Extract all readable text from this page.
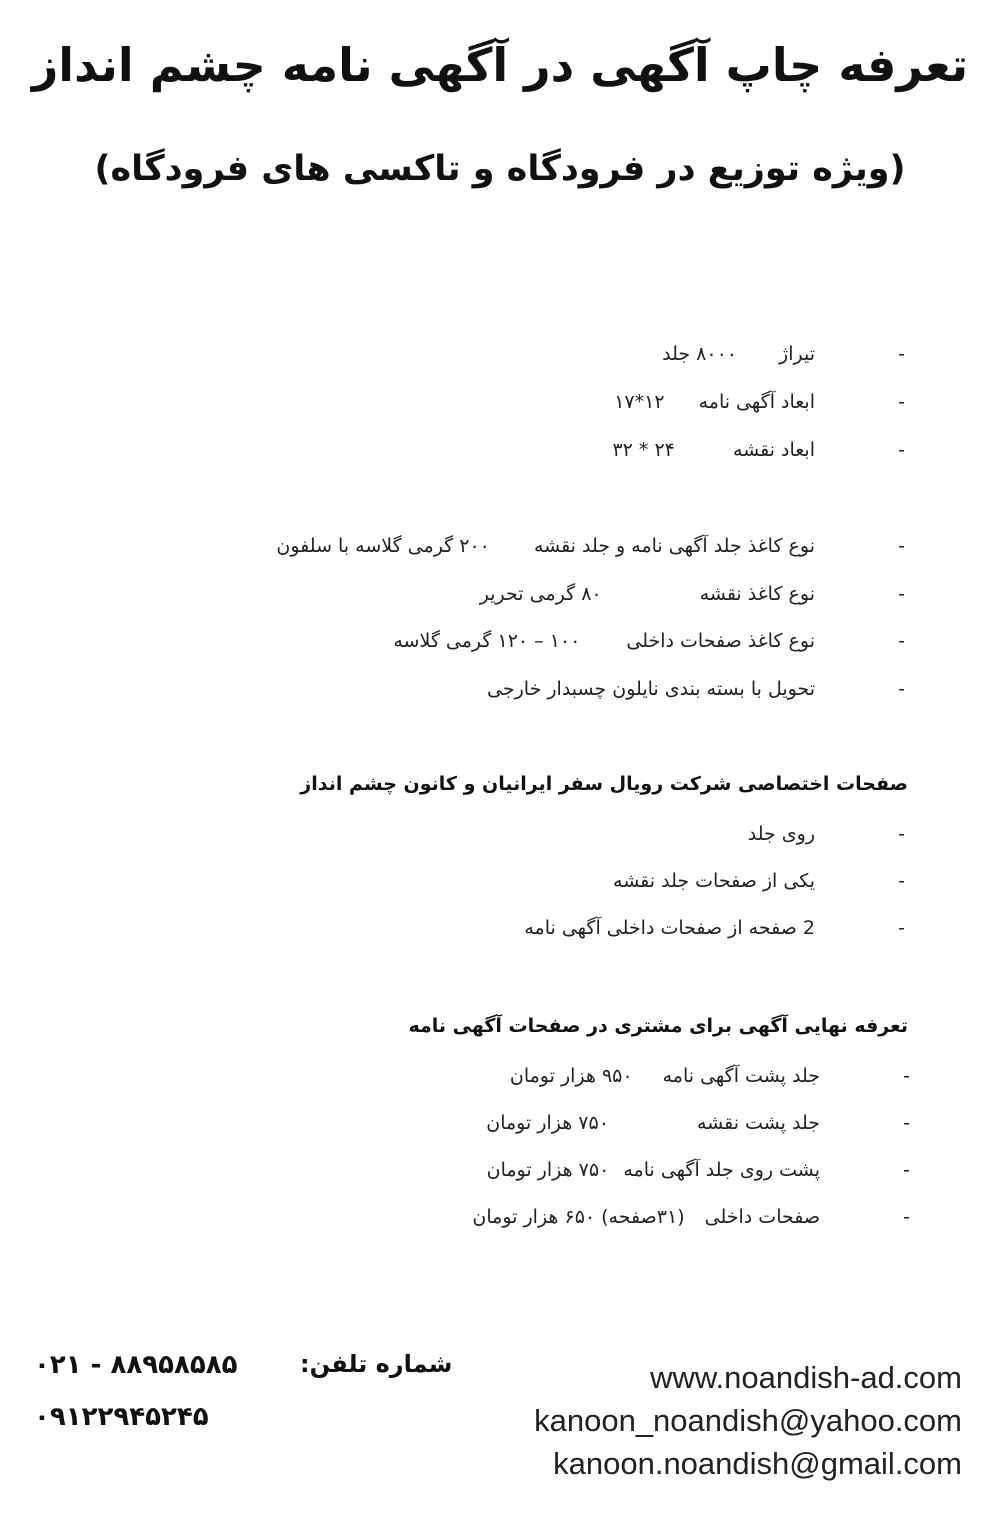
تعرفه چاپ آگهی در آگهی نامه چشم انداز
(ویژه توزیع در فرودگاه و تاکسی های فرودگاه)
-
تیراژ ۸۰۰۰ جلد
-
ابعاد آگهی نامه ۱۲*۱۷
-
ابعاد نقشه ۲۴ * ۳۲
-
نوع کاغذ جلد آگهی نامه و جلد نقشه ۲۰۰ گرمی گلاسه با سلفون
-
نوع کاغذ نقشه ۸۰ گرمی تحریر
-
نوع کاغذ صفحات داخلی ۱۰۰ – ۱۲۰ گرمی گلاسه
-
تحویل با بسته بندی نایلون چسبدار خارجی
صفحات اختصاصی شرکت رویال سفر ایرانیان و کانون چشم انداز
-
روی جلد
-
یکی از صفحات جلد نقشه
-
2 صفحه از صفحات داخلی آگهی نامه
تعرفه نهایی آگهی برای مشتری در صفحات آگهی نامه
-
جلد پشت آگهی نامه ۹۵۰ هزار تومان
-
جلد پشت نقشه ۷۵۰ هزار تومان
-
پشت روی جلد آگهی نامه ۷۵۰ هزار تومان
-
صفحات داخلی (۳۱صفحه) ۶۵۰ هزار تومان
شماره تلفن:
۰۲۱ - ۸۸۹۵۸۵۸۵
۰۹۱۲۲۹۴۵۲۴۵
www.noandish-ad.com
kanoon_noandish@yahoo.com
kanoon.noandish@gmail.com
